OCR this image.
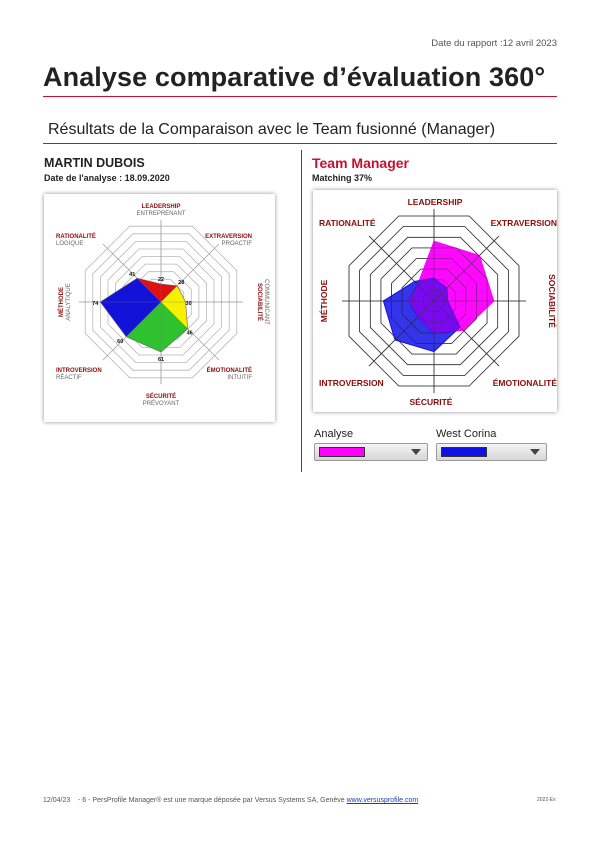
Date du rapport :12 avril 2023
Analyse comparative d’évaluation 360°
Résultats de la Comparaison avec le Team fusionné (Manager)
MARTIN DUBOIS
Date de l'analyse : 18.09.2020
Team Manager
Matching 37%
22	28
30
46
61
60
74
41
LEADERSHIP
ENTREPRENANT
EXTRAVERSION
PROACTIF
SOCIABILITÉ COMMUNICANT
ÉMOTIONALITÉ
INTUITIF
SÉCURITÉ
PRÉVOYANT
INTROVERSION
RÉACTIF
MÉTHODE ANALYTIQUE
RATIONALITÉ
LOGIQUE
LEADERSHIP
EXTRAVERSION
SOCIABILITÉ
ÉMOTIONALITÉ
SÉCURITÉ
INTROVERSION
MÉTHODE
RATIONALITÉ
Analyse	West Corina
12/04/23 - 6 - PersProfile Manager® est une marque déposée par Versus Systems SA, Genève www.versusprofile.com	2022-Ex
